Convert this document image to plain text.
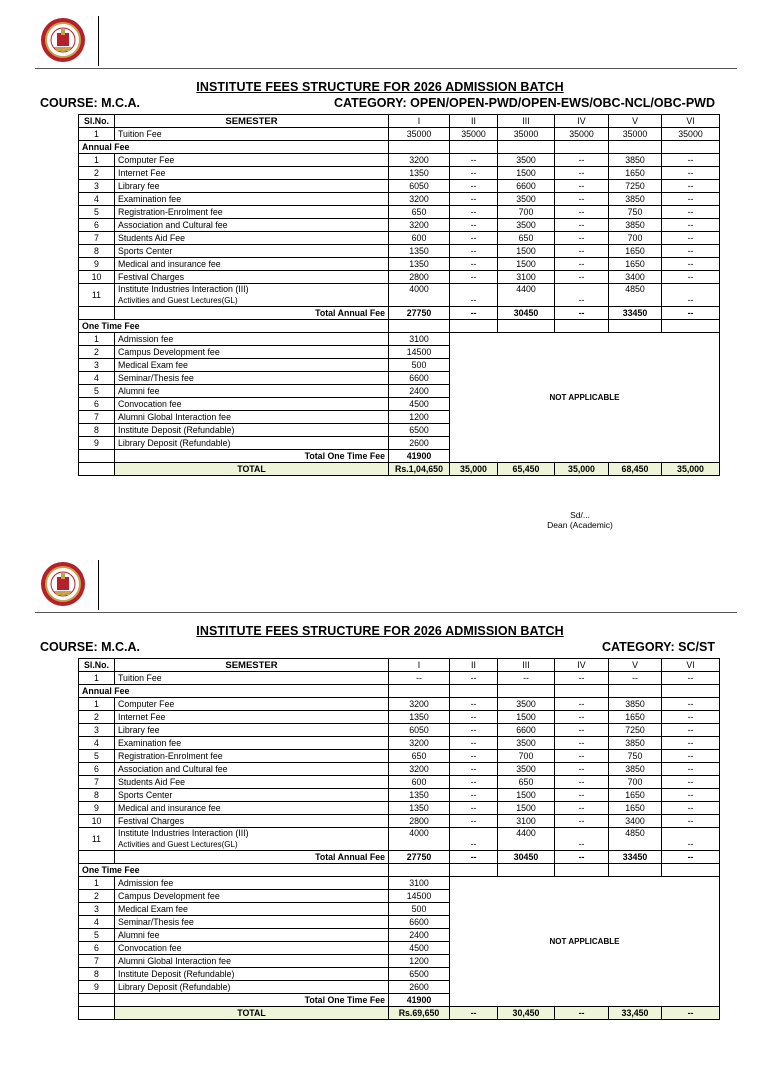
INSTITUTE FEES STRUCTURE FOR 2026 ADMISSION BATCH
COURSE: M.C.A.	CATEGORY: OPEN/OPEN-PWD/OPEN-EWS/OBC-NCL/OBC-PWD
Sl.No.	SEMESTER	I	II	III	IV	V	VI
1	Tuition Fee	35000	35000	35000	35000	35000	35000
Annual Fee							
1	Computer Fee	3200	--	3500	--	3850	--
2	Internet Fee	1350	--	1500	--	1650	--
3	Library fee	6050	--	6600	--	7250	--
4	Examination fee	3200	--	3500	--	3850	--
5	Registration-Enrolment fee	650	--	700	--	750	--
6	Association and Cultural fee	3200	--	3500	--	3850	--
7	Students Aid Fee	600	--	650	--	700	--
8	Sports Center	1350	--	1500	--	1650	--
9	Medical and insurance fee	1350	--	1500	--	1650	--
10	Festival Charges	2800	--	3100	--	3400	--
11	Institute Industries Interaction (III)
Activities and Guest Lectures(GL)	4000	--	4400	--	4850	--
	Total Annual Fee	27750	--	30450	--	33450	--
One Time Fee							
1	Admission fee	3100	NOT APPLICABLE				
2	Campus Development fee	14500					
3	Medical Exam fee	500					
4	Seminar/Thesis fee	6600					
5	Alumni fee	2400					
6	Convocation fee	4500					
7	Alumni Global Interaction fee	1200					
8	Institute Deposit (Refundable)	6500					
9	Library Deposit (Refundable)	2600					
	Total One Time Fee	41900					
	TOTAL	Rs.1,04,650	35,000	65,450	35,000	68,450	35,000
Sd/...
Dean (Academic)
INSTITUTE FEES STRUCTURE FOR 2026 ADMISSION BATCH
COURSE: M.C.A.	CATEGORY: SC/ST
Sl.No.	SEMESTER	I	II	III	IV	V	VI
1	Tuition Fee	--	--	--	--	--	--
Annual Fee							
1	Computer Fee	3200	--	3500	--	3850	--
2	Internet Fee	1350	--	1500	--	1650	--
3	Library fee	6050	--	6600	--	7250	--
4	Examination fee	3200	--	3500	--	3850	--
5	Registration-Enrolment fee	650	--	700	--	750	--
6	Association and Cultural fee	3200	--	3500	--	3850	--
7	Students Aid Fee	600	--	650	--	700	--
8	Sports Center	1350	--	1500	--	1650	--
9	Medical and insurance fee	1350	--	1500	--	1650	--
10	Festival Charges	2800	--	3100	--	3400	--
11	Institute Industries Interaction (III)
Activities and Guest Lectures(GL)	4000	--	4400	--	4850	--
	Total Annual Fee	27750	--	30450	--	33450	--
One Time Fee							
1	Admission fee	3100	NOT APPLICABLE				
2	Campus Development fee	14500					
3	Medical Exam fee	500					
4	Seminar/Thesis fee	6600					
5	Alumni fee	2400					
6	Convocation fee	4500					
7	Alumni Global Interaction fee	1200					
8	Institute Deposit (Refundable)	6500					
9	Library Deposit (Refundable)	2600					
	Total One Time Fee	41900					
	TOTAL	Rs.69,650	--	30,450	--	33,450	--
